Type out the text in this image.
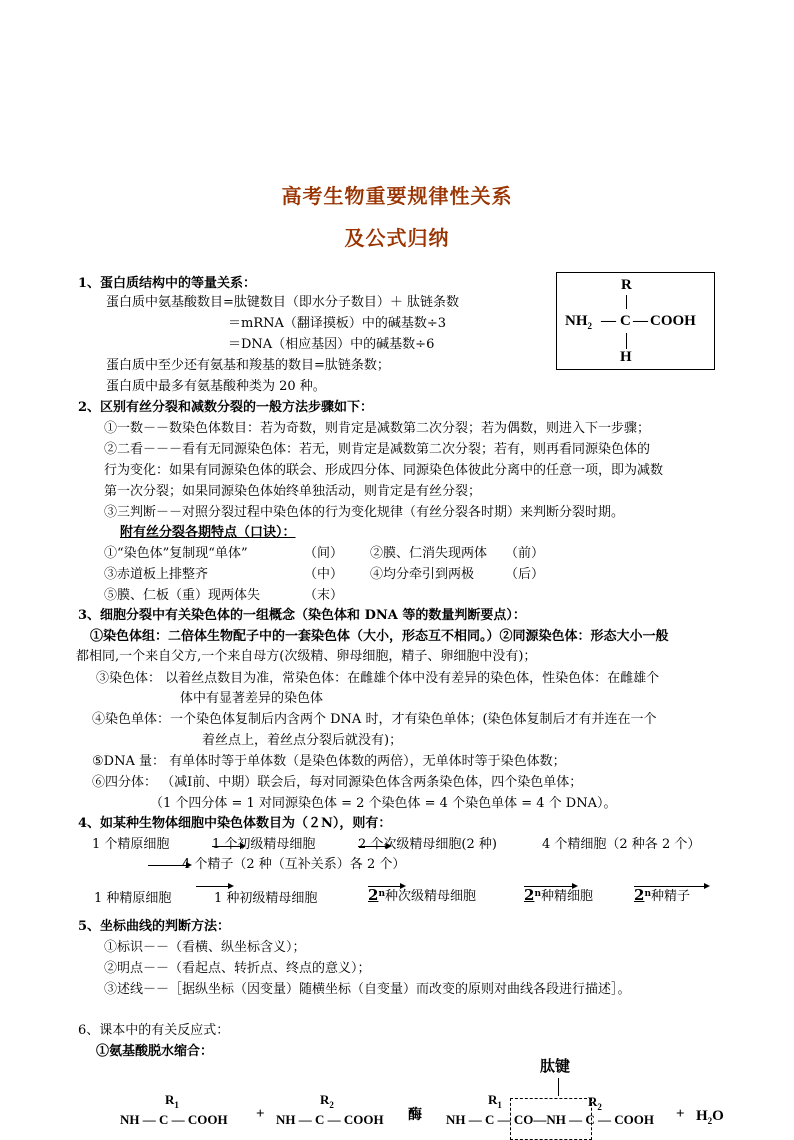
高考生物重要规律性关系
及公式归纳
R
$NH_2$ — C — COOH
H
1、蛋白质结构中的等量关系：
蛋白质中氨基酸数目=肽键数目（即水分子数目）＋ 肽链条数
＝mRNA（翻译摸板）中的碱基数÷3
＝DNA（相应基因）中的碱基数÷6
蛋白质中至少还有氨基和羧基的数目=肽链条数；
蛋白质中最多有氨基酸种类为 20 种。
2、区别有丝分裂和减数分裂的一般方法步骤如下：
①一数－－数染色体数目：若为奇数，则肯定是减数第二次分裂；若为偶数，则进入下一步骤；
②二看－－－看有无同源染色体：若无，则肯定是减数第二次分裂；若有，则再看同源染色体的
行为变化：如果有同源染色体的联会、形成四分体、同源染色体彼此分离中的任意一项，即为减数
第一次分裂；如果同源染色体始终单独活动，则肯定是有丝分裂；
③三判断－－对照分裂过程中染色体的行为变化规律（有丝分裂各时期）来判断分裂时期。
附有丝分裂各期特点（口诀）：
①“染色体”复制现“单体”	（间） ②膜、仁消失现两体 （前）
③赤道板上排整齐	（中） ④均分牵引到两极 （后）
⑤膜、仁板（重）现两体失	（末）
3、细胞分裂中有关染色体的一组概念（染色体和 DNA 等的数量判断要点）：
①染色体组：二倍体生物配子中的一套染色体（大小，形态互不相同。）②同源染色体：形态大小一般
都相同,一个来自父方,一个来自母方(次级精、卵母细胞，精子、卵细胞中没有)；
③染色体： 以着丝点数目为准，常染色体：在雌雄个体中没有差异的染色体，性染色体：在雌雄个
体中有显著差异的染色体
④染色单体：一个染色体复制后内含两个 DNA 时，才有染色单体；(染色体复制后才有并连在一个
着丝点上，着丝点分裂后就没有)；
⑤DNA 量： 有单体时等于单体数（是染色体数的两倍），无单体时等于染色体数；
⑥四分体： （减Ⅰ前、中期）联会后，每对同源染色体含两条染色体，四个染色单体；
（1 个四分体 = 1 对同源染色体 = 2 个染色体 = 4 个染色单体 = 4 个 DNA）。
4、如某种生物体细胞中染色体数目为（２N），则有：
1 个精原细胞	1 个初级精母细胞	2 个次级精母细胞(2 种)	4 个精细胞（2 种各 2 个）
4 个精子（2 种（互补关系）各 2 个）
1 种精原细胞	1 种初级精母细胞	2$^n$种次级精母细胞	2$^n$种精细胞	2$^n$种精子
5、坐标曲线的判断方法：
①标识－－（看横、纵坐标含义）；
②明点－－（看起点、转折点、终点的意义）；
③述线－－［据纵坐标（因变量）随横坐标（自变量）而改变的原则对曲线各段进行描述］。
6、课本中的有关反应式：
①氨基酸脱水缩合：
肽键
$R_1$	$R_2$	$R_1$	$R_2$
酶
NH — C — COOH + NH — C — COOH	NH — C — CO—NH — C — COOH + $H_2O$
